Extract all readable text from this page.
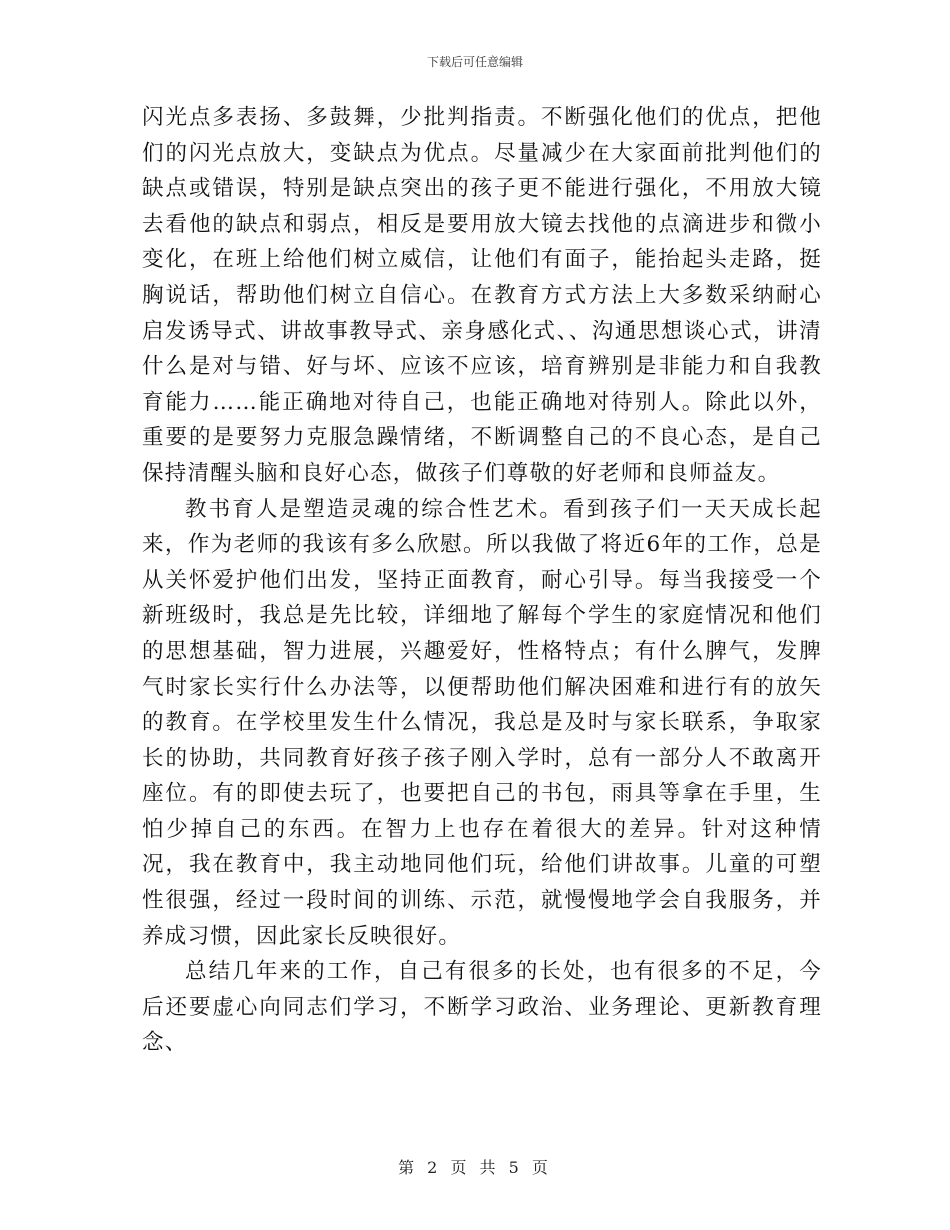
下载后可任意编辑

闪光点多表扬、多鼓舞，少批判指责。不断强化他们的优点，把他们的闪光点放大，变缺点为优点。尽量减少在大家面前批判他们的缺点或错误，特别是缺点突出的孩子更不能进行强化，不用放大镜去看他的缺点和弱点，相反是要用放大镜去找他的点滴进步和微小变化，在班上给他们树立威信，让他们有面子，能抬起头走路，挺胸说话，帮助他们树立自信心。在教育方式方法上大多数采纳耐心启发诱导式、讲故事教导式、亲身感化式、、沟通思想谈心式，讲清什么是对与错、好与坏、应该不应该，培育辨别是非能力和自我教育能力……能正确地对待自己，也能正确地对待别人。除此以外，重要的是要努力克服急躁情绪，不断调整自己的不良心态，是自己保持清醒头脑和良好心态，做孩子们尊敬的好老师和良师益友。

教书育人是塑造灵魂的综合性艺术。看到孩子们一天天成长起来，作为老师的我该有多么欣慰。所以我做了将近6年的工作，总是从关怀爱护他们出发，坚持正面教育，耐心引导。每当我接受一个新班级时，我总是先比较，详细地了解每个学生的家庭情况和他们的思想基础，智力进展，兴趣爱好，性格特点；有什么脾气，发脾气时家长实行什么办法等，以便帮助他们解决困难和进行有的放矢的教育。在学校里发生什么情况，我总是及时与家长联系，争取家长的协助，共同教育好孩子孩子刚入学时，总有一部分人不敢离开座位。有的即使去玩了，也要把自己的书包，雨具等拿在手里，生怕少掉自己的东西。在智力上也存在着很大的差异。针对这种情况，我在教育中，我主动地同他们玩，给他们讲故事。儿童的可塑性很强，经过一段时间的训练、示范，就慢慢地学会自我服务，并养成习惯，因此家长反映很好。

总结几年来的工作，自己有很多的长处，也有很多的不足，今后还要虚心向同志们学习，不断学习政治、业务理论、更新教育理念、

第 2 页 共 5 页
